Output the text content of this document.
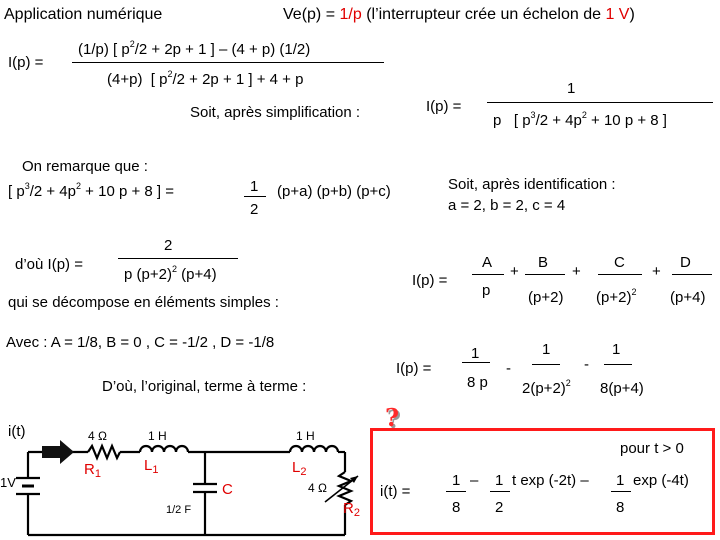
Application numérique	Ve(p) = 1/p (l’interrupteur crée un échelon de 1 V)
I(p) =
(1/p) [ $p^2/2 + 2p + 1$ ] – (4 + p) (1/2)
(4+p) [ $p^2/2 + 2p + 1$ ] + 4 + p
Soit, après simplification :	I(p) =
1
p [ $p^3/2 + 4p^2 + 10$ p + 8 ]
On remarque que :
[ $p^3/2 + 4p^2 + 10$ p + 8 ] =	1
2
(p+a) (p+b) (p+c)	Soit, après identification :
a = 2, b = 2, c = 4
d’où I(p) =
2
p $(p+2)^2$ (p+4)
qui se décompose en éléments simples :
I(p) =
A
p
+
B
(p+2)
+
C
$(p+2)^2$
+
D
(p+4)
Avec : A = 1/8, B = 0 , C = -1/2 , D = -1/8
D’où, l’original, terme à terme :
I(p) =
1
8 p
-
1
$2(p+2)^2$
-
1
8(p+4)
i(t)
1V
4 Ω
$R_1$
1 H
$L_1$
C
1/2 F
1 H
$L_2$
4 Ω
$R_2$
?
pour t > 0
i(t) =
1
8
– 1
2
t exp (-2t) – 1
8
exp (-4t)
